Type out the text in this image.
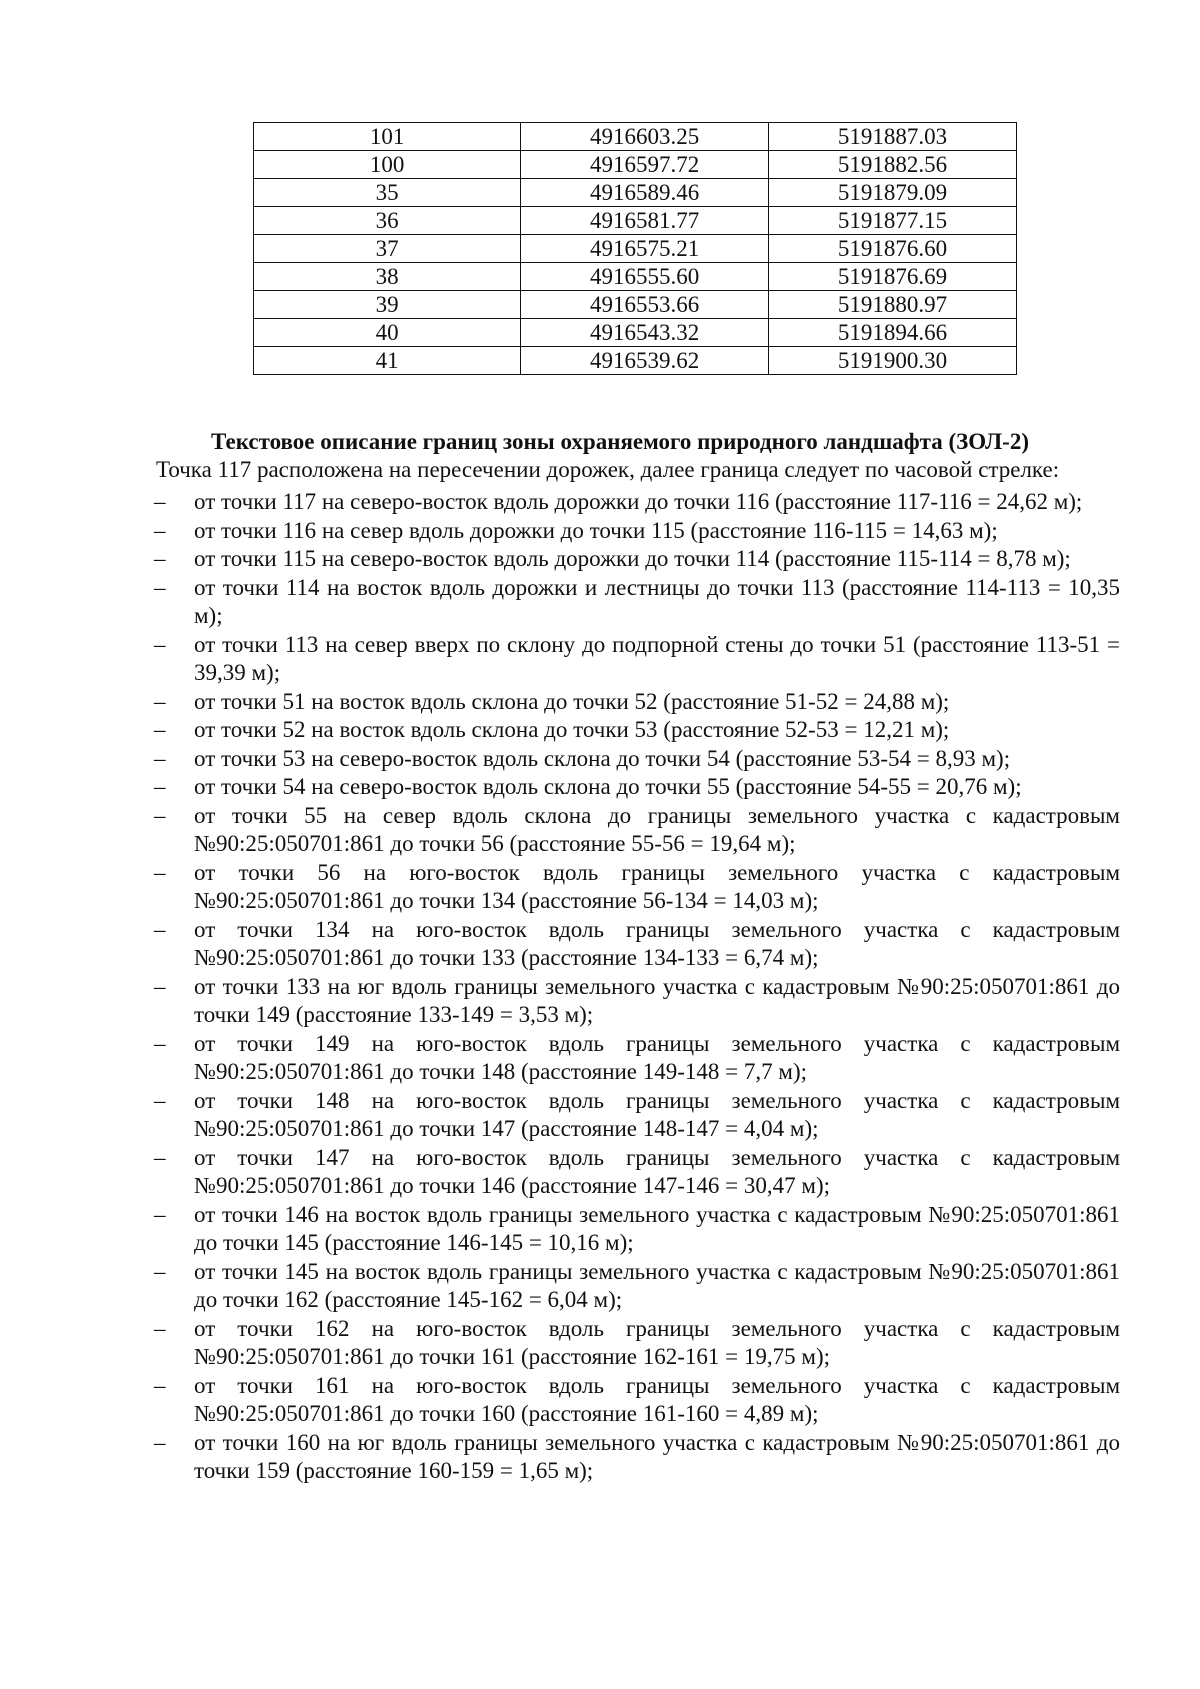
101	4916603.25	5191887.03
100	4916597.72	5191882.56
35	4916589.46	5191879.09
36	4916581.77	5191877.15
37	4916575.21	5191876.60
38	4916555.60	5191876.69
39	4916553.66	5191880.97
40	4916543.32	5191894.66
41	4916539.62	5191900.30
Текстовое описание границ зоны охраняемого природного ландшафта (ЗОЛ-2)
Точка 117 расположена на пересечении дорожек, далее граница следует по часовой стрелке:
– от точки 117 на северо-восток вдоль дорожки до точки 116 (расстояние 117-116 = 24,62 м);
– от точки 116 на север вдоль дорожки до точки 115 (расстояние 116-115 = 14,63 м);
– от точки 115 на северо-восток вдоль дорожки до точки 114 (расстояние 115-114 = 8,78 м);
– от точки 114 на восток вдоль дорожки и лестницы до точки 113 (расстояние 114-113 = 10,35 м);
– от точки 113 на север вверх по склону до подпорной стены до точки 51 (расстояние 113-51 = 39,39 м);
– от точки 51 на восток вдоль склона до точки 52 (расстояние 51-52 = 24,88 м);
– от точки 52 на восток вдоль склона до точки 53 (расстояние 52-53 = 12,21 м);
– от точки 53 на северо-восток вдоль склона до точки 54 (расстояние 53-54 = 8,93 м);
– от точки 54 на северо-восток вдоль склона до точки 55 (расстояние 54-55 = 20,76 м);
– от точки 55 на север вдоль склона до границы земельного участка с кадастровым №90:25:050701:861 до точки 56 (расстояние 55-56 = 19,64 м);
– от точки 56 на юго-восток вдоль границы земельного участка с кадастровым №90:25:050701:861 до точки 134 (расстояние 56-134 = 14,03 м);
– от точки 134 на юго-восток вдоль границы земельного участка с кадастровым №90:25:050701:861 до точки 133 (расстояние 134-133 = 6,74 м);
– от точки 133 на юг вдоль границы земельного участка с кадастровым №90:25:050701:861 до точки 149 (расстояние 133-149 = 3,53 м);
– от точки 149 на юго-восток вдоль границы земельного участка с кадастровым №90:25:050701:861 до точки 148 (расстояние 149-148 = 7,7 м);
– от точки 148 на юго-восток вдоль границы земельного участка с кадастровым №90:25:050701:861 до точки 147 (расстояние 148-147 = 4,04 м);
– от точки 147 на юго-восток вдоль границы земельного участка с кадастровым №90:25:050701:861 до точки 146 (расстояние 147-146 = 30,47 м);
– от точки 146 на восток вдоль границы земельного участка с кадастровым №90:25:050701:861 до точки 145 (расстояние 146-145 = 10,16 м);
– от точки 145 на восток вдоль границы земельного участка с кадастровым №90:25:050701:861 до точки 162 (расстояние 145-162 = 6,04 м);
– от точки 162 на юго-восток вдоль границы земельного участка с кадастровым №90:25:050701:861 до точки 161 (расстояние 162-161 = 19,75 м);
– от точки 161 на юго-восток вдоль границы земельного участка с кадастровым №90:25:050701:861 до точки 160 (расстояние 161-160 = 4,89 м);
– от точки 160 на юг вдоль границы земельного участка с кадастровым №90:25:050701:861 до точки 159 (расстояние 160-159 = 1,65 м);
